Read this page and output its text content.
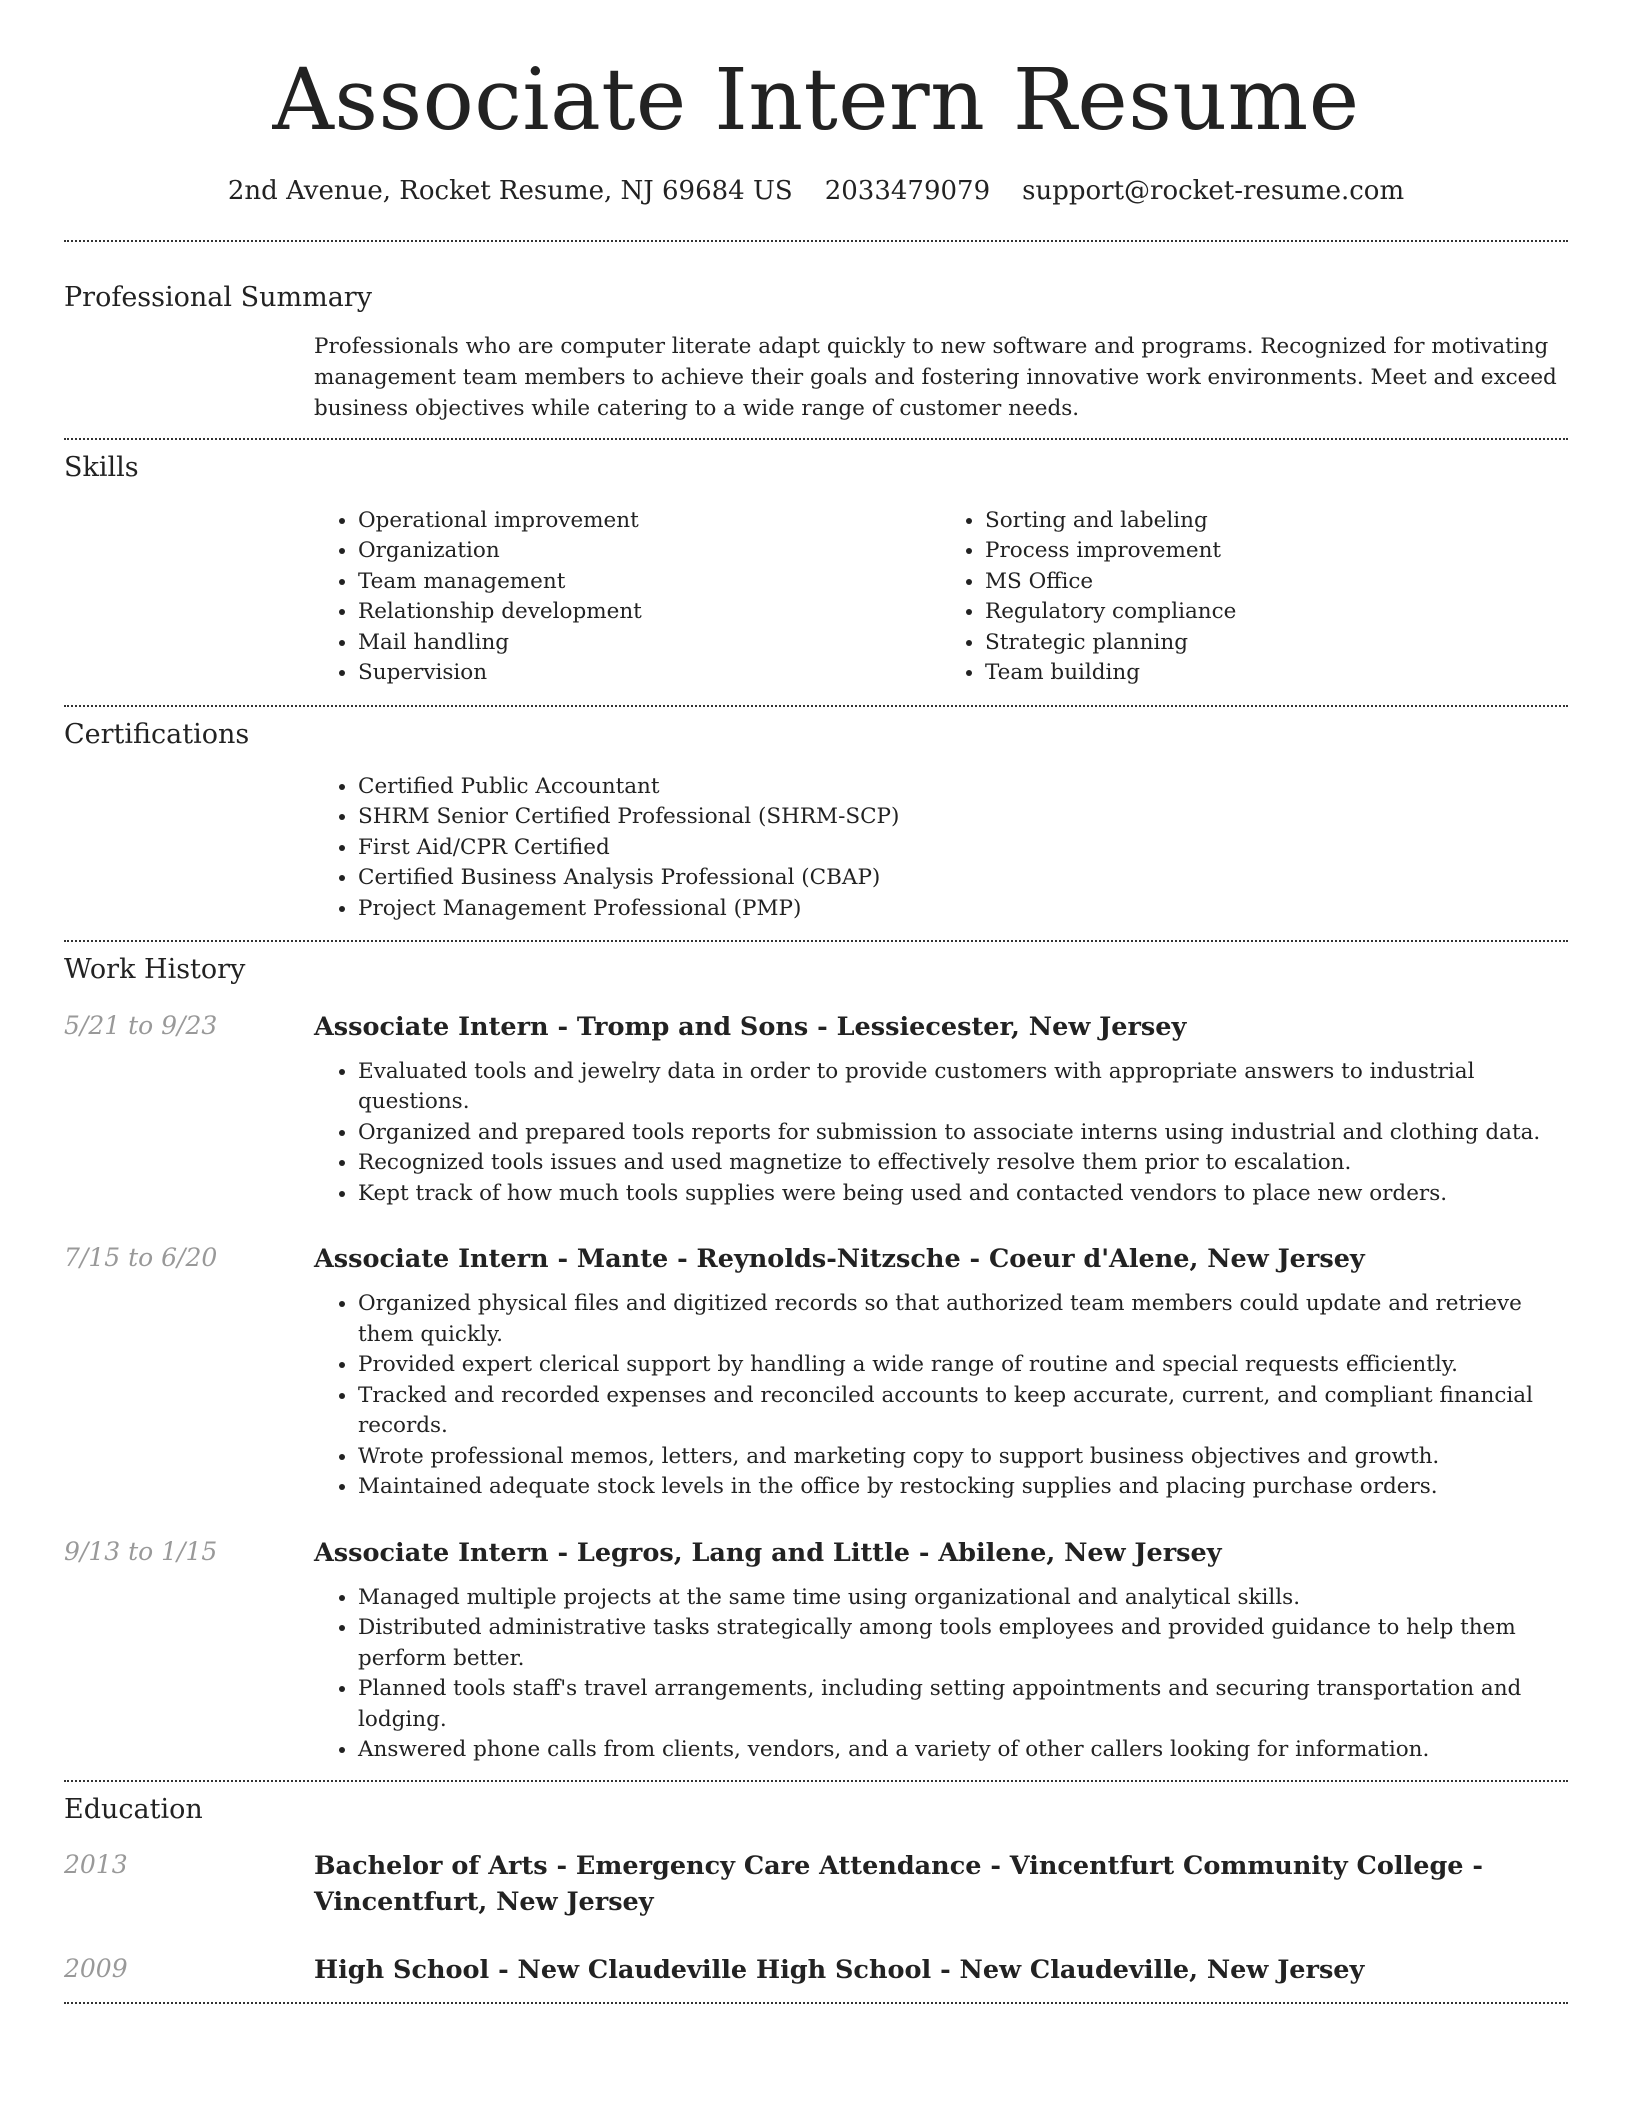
Associate Intern Resume
2nd Avenue, Rocket Resume, NJ 69684 US 2033479079 support@rocket-resume.com
Professional Summary

Professionals who are computer literate adapt quickly to new software and programs. Recognized for motivating management team members to achieve their goals and fostering innovative work environments. Meet and exceed business objectives while catering to a wide range of customer needs.

Skills
• Operational improvement
• Organization
• Team management
• Relationship development
• Mail handling
• Supervision
• Sorting and labeling
• Process improvement
• MS Office
• Regulatory compliance
• Strategic planning
• Team building
Certifications
• Certified Public Accountant
• SHRM Senior Certified Professional (SHRM-SCP)
• First Aid/CPR Certified
• Certified Business Analysis Professional (CBAP)
• Project Management Professional (PMP)
Work History
5/21 to 9/23	Associate Intern - Tromp and Sons - Lessiecester, New Jersey
• Evaluated tools and jewelry data in order to provide customers with appropriate answers to industrial questions.
• Organized and prepared tools reports for submission to associate interns using industrial and clothing data.
• Recognized tools issues and used magnetize to effectively resolve them prior to escalation.
• Kept track of how much tools supplies were being used and contacted vendors to place new orders.
7/15 to 6/20	Associate Intern - Mante - Reynolds-Nitzsche - Coeur d'Alene, New Jersey
• Organized physical files and digitized records so that authorized team members could update and retrieve them quickly.
• Provided expert clerical support by handling a wide range of routine and special requests efficiently.
• Tracked and recorded expenses and reconciled accounts to keep accurate, current, and compliant financial records.
• Wrote professional memos, letters, and marketing copy to support business objectives and growth.
• Maintained adequate stock levels in the office by restocking supplies and placing purchase orders.
9/13 to 1/15	Associate Intern - Legros, Lang and Little - Abilene, New Jersey
• Managed multiple projects at the same time using organizational and analytical skills.
• Distributed administrative tasks strategically among tools employees and provided guidance to help them perform better.
• Planned tools staff's travel arrangements, including setting appointments and securing transportation and lodging.
• Answered phone calls from clients, vendors, and a variety of other callers looking for information.
Education
2013	Bachelor of Arts - Emergency Care Attendance - Vincentfurt Community College - Vincentfurt, New Jersey
2009	High School - New Claudeville High School - New Claudeville, New Jersey
